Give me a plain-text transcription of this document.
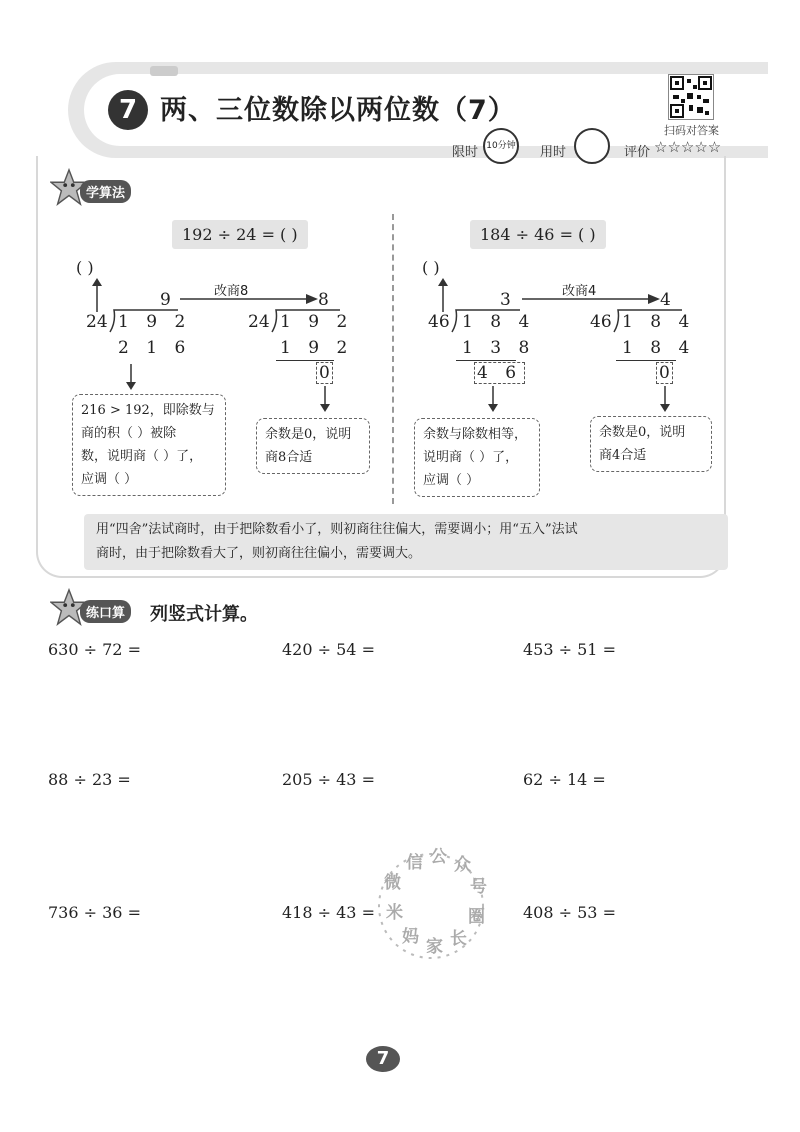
7 两、三位数除以两位数（7）
扫码对答案
限时 10分钟 用时	评价 ☆☆☆☆☆
学算法
192 ÷ 24 = ( )
( )
改商8
9
24 1 9 2
2 1 6
8
24 1 9 2
1 9 2
0
216 > 192，即除数与
商的积（ ）被除
数，说明商（ ）了，
应调（ ）
余数是0，说明
商8合适
184 ÷ 46 = ( )
( )
改商4
3
46 1 8 4
1 3 8
4 6
4
46 1 8 4
1 8 4
0
余数与除数相等，
说明商（ ）了，
应调（ ）
余数是0，说明
商4合适
用“四舍”法试商时，由于把除数看小了，则初商往往偏大，需要调小；用“五入”法试
商时，由于把除数看大了，则初商往往偏小，需要调大。
练口算	列竖式计算。
630 ÷ 72 =	420 ÷ 54 =	453 ÷ 51 =
88 ÷ 23 =	205 ÷ 43 =	62 ÷ 14 =
736 ÷ 36 =	418 ÷ 43 =	408 ÷ 53 =
微
信 公 众
号
米
妈 家 长
圈
7
